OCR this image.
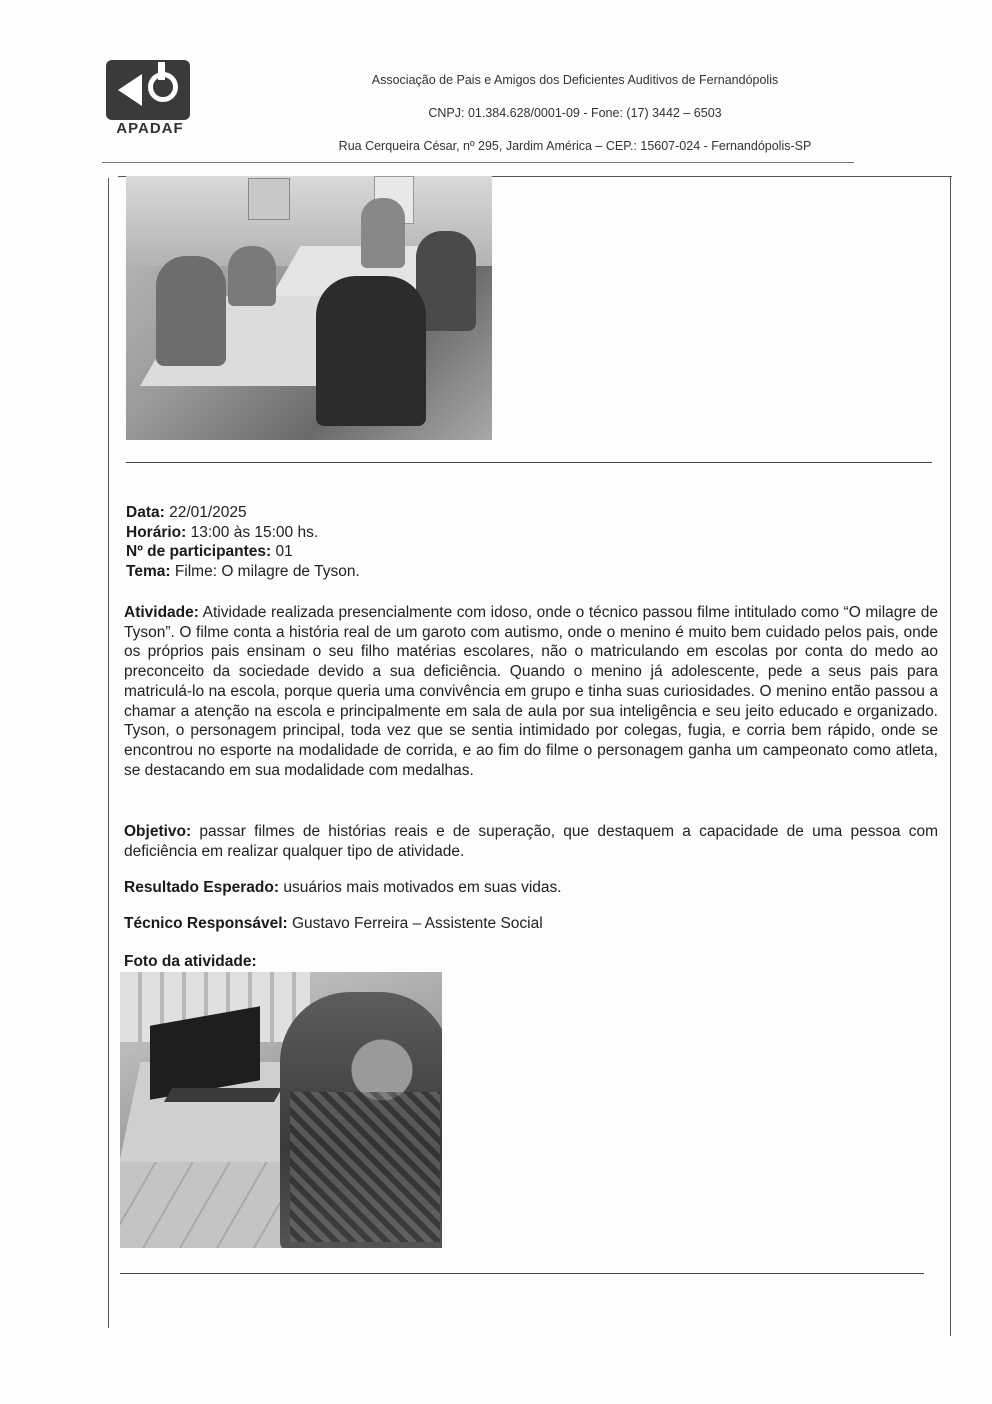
APADAF
Associação de Pais e Amigos dos Deficientes Auditivos de Fernandópolis
CNPJ: 01.384.628/0001-09 - Fone: (17) 3442 – 6503
Rua Cerqueira César, nº 295, Jardim América – CEP.: 15607-024 - Fernandópolis-SP
Data: 22/01/2025
Horário: 13:00 às 15:00 hs.
Nº de participantes: 01
Tema: Filme: O milagre de Tyson.
Atividade: Atividade realizada presencialmente com idoso, onde o técnico passou filme intitulado como “O milagre de Tyson”. O filme conta a história real de um garoto com autismo, onde o menino é muito bem cuidado pelos pais, onde os próprios pais ensinam o seu filho matérias escolares, não o matriculando em escolas por conta do medo ao preconceito da sociedade devido a sua deficiência. Quando o menino já adolescente, pede a seus pais para matriculá-lo na escola, porque queria uma convivência em grupo e tinha suas curiosidades. O menino então passou a chamar a atenção na escola e principalmente em sala de aula por sua inteligência e seu jeito educado e organizado. Tyson, o personagem principal, toda vez que se sentia intimidado por colegas, fugia, e corria bem rápido, onde se encontrou no esporte na modalidade de corrida, e ao fim do filme o personagem ganha um campeonato como atleta, se destacando em sua modalidade com medalhas.
Objetivo: passar filmes de histórias reais e de superação, que destaquem a capacidade de uma pessoa com deficiência em realizar qualquer tipo de atividade.
Resultado Esperado: usuários mais motivados em suas vidas.
Técnico Responsável: Gustavo Ferreira – Assistente Social
Foto da atividade:
